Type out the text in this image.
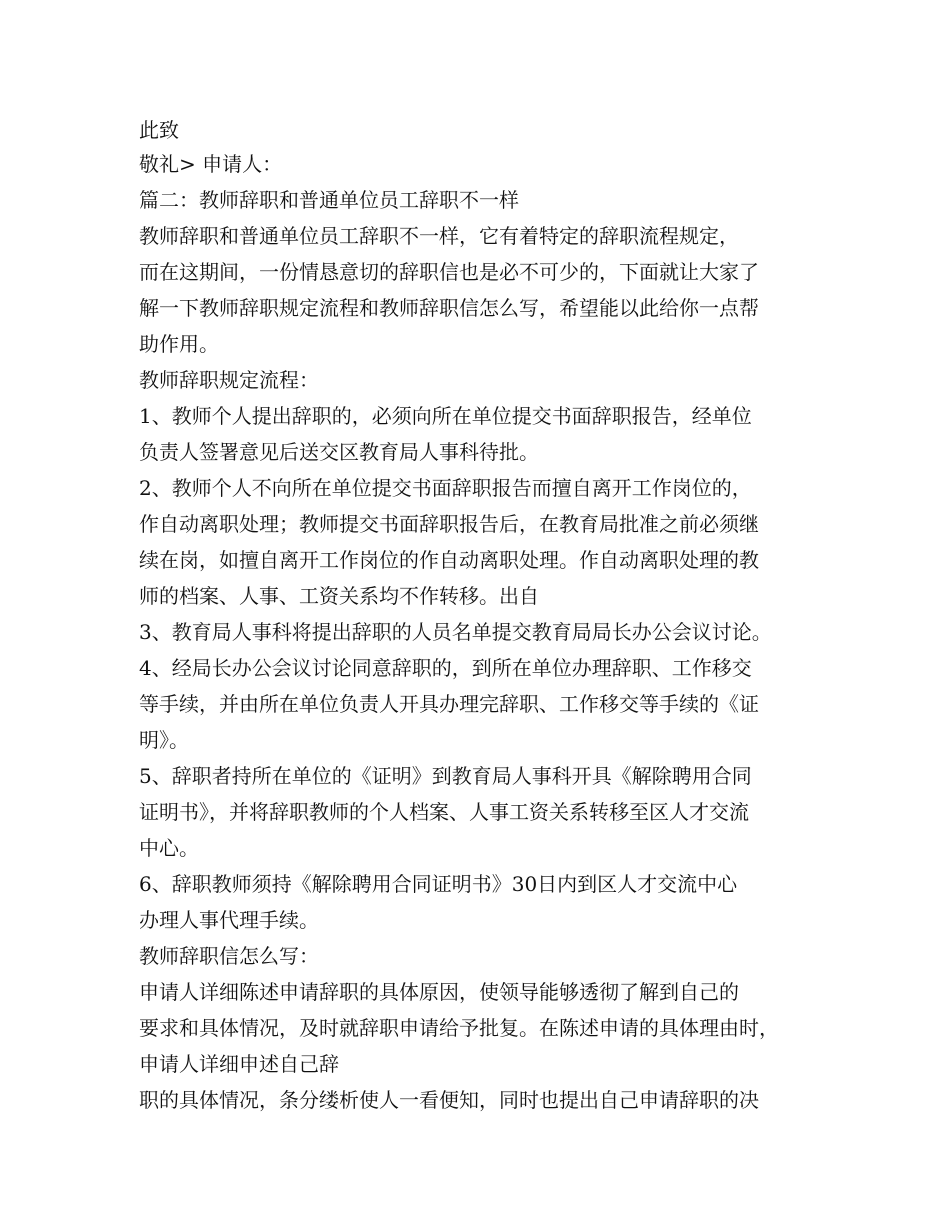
此致
敬礼> 申请人：
篇二：教师辞职和普通单位员工辞职不一样
教师辞职和普通单位员工辞职不一样，它有着特定的辞职流程规定，
而在这期间，一份情恳意切的辞职信也是必不可少的，下面就让大家了
解一下教师辞职规定流程和教师辞职信怎么写，希望能以此给你一点帮
助作用。
教师辞职规定流程：
1、教师个人提出辞职的，必须向所在单位提交书面辞职报告，经单位
负责人签署意见后送交区教育局人事科待批。
2、教师个人不向所在单位提交书面辞职报告而擅自离开工作岗位的，
作自动离职处理；教师提交书面辞职报告后，在教育局批准之前必须继
续在岗，如擅自离开工作岗位的作自动离职处理。作自动离职处理的教
师的档案、人事、工资关系均不作转移。出自
3、教育局人事科将提出辞职的人员名单提交教育局局长办公会议讨论。
4、经局长办公会议讨论同意辞职的，到所在单位办理辞职、工作移交
等手续，并由所在单位负责人开具办理完辞职、工作移交等手续的《证
明》。
5、辞职者持所在单位的《证明》到教育局人事科开具《解除聘用合同
证明书》，并将辞职教师的个人档案、人事工资关系转移至区人才交流
中心。
6、辞职教师须持《解除聘用合同证明书》30日内到区人才交流中心
办理人事代理手续。
教师辞职信怎么写：
申请人详细陈述申请辞职的具体原因，使领导能够透彻了解到自己的
要求和具体情况，及时就辞职申请给予批复。在陈述申请的具体理由时，
申请人详细申述自己辞
职的具体情况，条分缕析使人一看便知，同时也提出自己申请辞职的决
